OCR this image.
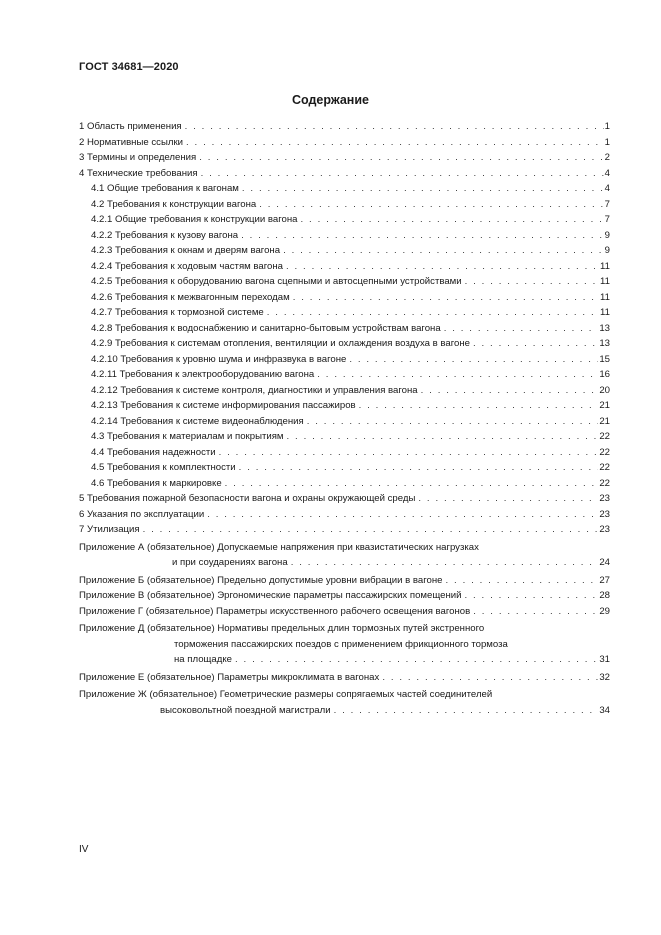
ГОСТ 34681—2020
Содержание
1 Область применения . . .	1
2 Нормативные ссылки . . .	1
3 Термины и определения . . .	2
4 Технические требования . . .	4
4.1 Общие требования к вагонам . . .	4
4.2 Требования к конструкции вагона . . .	7
4.2.1 Общие требования к конструкции вагона . . .	7
4.2.2 Требования к кузову вагона . . .	9
4.2.3 Требования к окнам и дверям вагона . . .	9
4.2.4 Требования к ходовым частям вагона . . .	11
4.2.5 Требования к оборудованию вагона сцепными и автосцепными устройствами . . .	11
4.2.6 Требования к межвагонным переходам . . .	11
4.2.7 Требования к тормозной системе . . .	11
4.2.8 Требования к водоснабжению и санитарно-бытовым устройствам вагона . . .	13
4.2.9 Требования к системам отопления, вентиляции и охлаждения воздуха в вагоне . . .	13
4.2.10 Требования к уровню шума и инфразвука в вагоне . . .	15
4.2.11 Требования к электрооборудованию вагона . . .	16
4.2.12 Требования к системе контроля, диагностики и управления вагона . . .	20
4.2.13 Требования к системе информирования пассажиров . . .	21
4.2.14 Требования к системе видеонаблюдения . . .	21
4.3 Требования к материалам и покрытиям . . .	22
4.4 Требования надежности . . .	22
4.5 Требования к комплектности . . .	22
4.6 Требования к маркировке . . .	22
5 Требования пожарной безопасности вагона и охраны окружающей среды . . .	23
6 Указания по эксплуатации . . .	23
7 Утилизация . . .	23
Приложение А (обязательное) Допускаемые напряжения при квазистатических нагрузках
и при соударениях вагона . . .	24
Приложение Б (обязательное) Предельно допустимые уровни вибрации в вагоне . . .	27
Приложение В (обязательное) Эргономические параметры пассажирских помещений . . .	28
Приложение Г (обязательное) Параметры искусственного рабочего освещения вагонов . . .	29
Приложение Д (обязательное) Нормативы предельных длин тормозных путей экстренного
торможения пассажирских поездов с применением фрикционного тормоза
на площадке . . .	31
Приложение Е (обязательное) Параметры микроклимата в вагонах . . .	32
Приложение Ж (обязательное) Геометрические размеры сопрягаемых частей соединителей
высоковольтной поездной магистрали . . .	34
IV
